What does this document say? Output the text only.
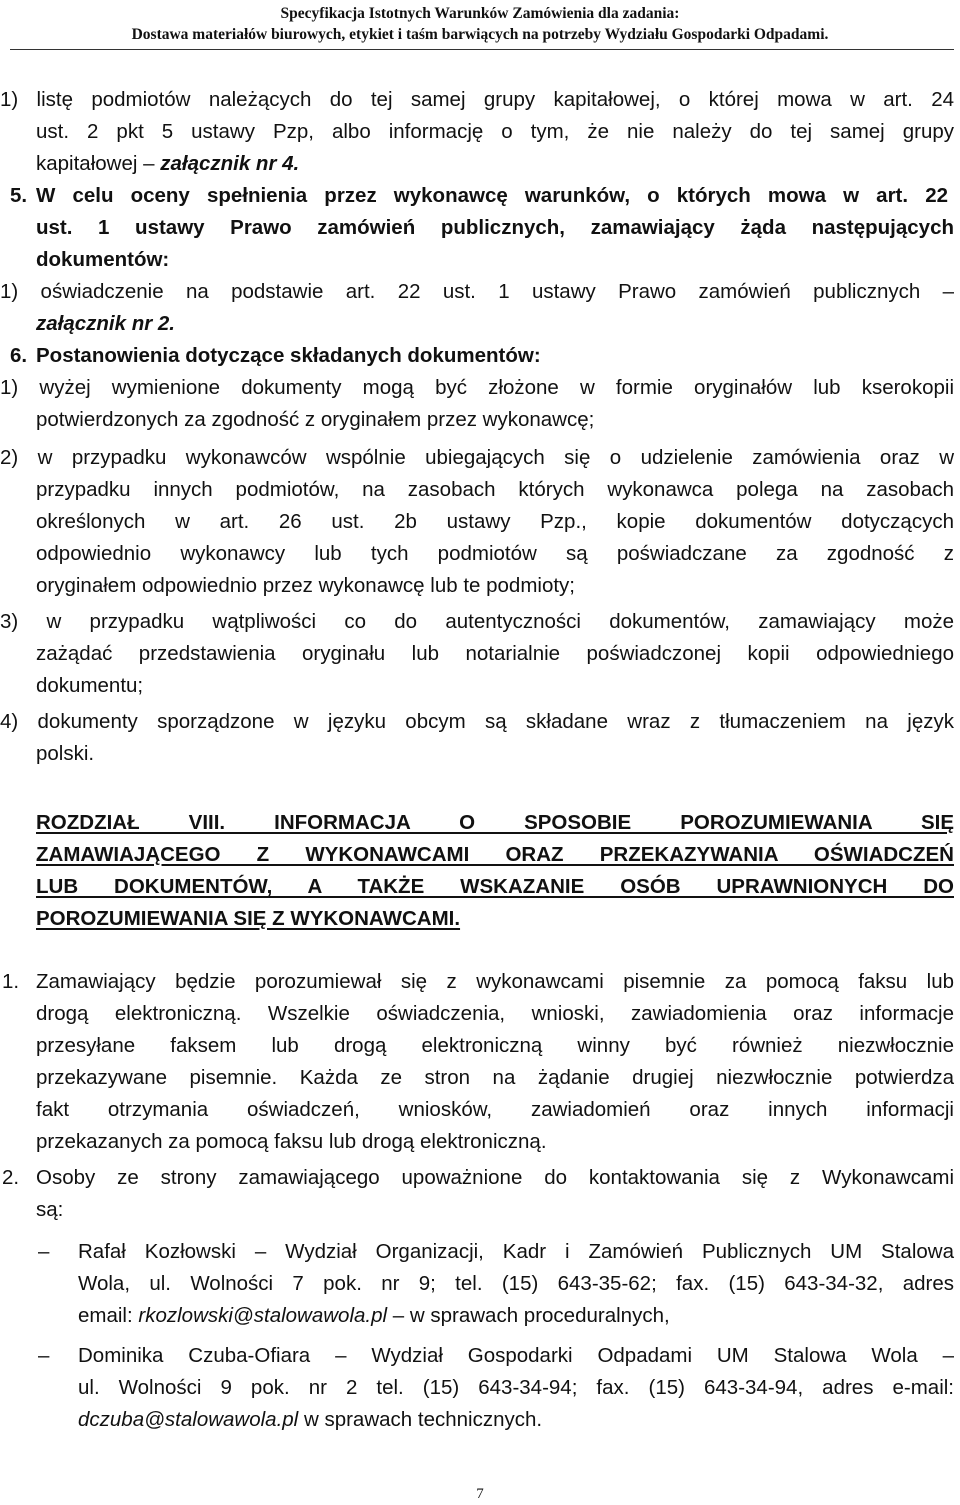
Specyfikacja Istotnych Warunków Zamówienia dla zadania:
Dostawa materiałów biurowych, etykiet i taśm barwiących na potrzeby Wydziału Gospodarki Odpadami.
1) listę podmiotów należących do tej samej grupy kapitałowej, o której mowa w art. 24
ust. 2 pkt 5 ustawy Pzp, albo informację o tym, że nie należy do tej samej grupy
kapitałowej – załącznik nr 4.
5. W celu oceny spełnienia przez wykonawcę warunków, o których mowa w art. 22
ust. 1 ustawy Prawo zamówień publicznych, zamawiający żąda następujących
dokumentów:
1) oświadczenie na podstawie art. 22 ust. 1 ustawy Prawo zamówień publicznych –
załącznik nr 2.
6. Postanowienia dotyczące składanych dokumentów:
1) wyżej wymienione dokumenty mogą być złożone w formie oryginałów lub kserokopii
potwierdzonych za zgodność z oryginałem przez wykonawcę;
2) w przypadku wykonawców wspólnie ubiegających się o udzielenie zamówienia oraz w
przypadku innych podmiotów, na zasobach których wykonawca polega na zasobach
określonych w art. 26 ust. 2b ustawy Pzp., kopie dokumentów dotyczących
odpowiednio wykonawcy lub tych podmiotów są poświadczane za zgodność z
oryginałem odpowiednio przez wykonawcę lub te podmioty;
3) w przypadku wątpliwości co do autentyczności dokumentów, zamawiający może
zażądać przedstawienia oryginału lub notarialnie poświadczonej kopii odpowiedniego
dokumentu;
4) dokumenty sporządzone w języku obcym są składane wraz z tłumaczeniem na język
polski.
ROZDZIAŁ VIII. INFORMACJA O SPOSOBIE POROZUMIEWANIA SIĘ
ZAMAWIAJĄCEGO Z WYKONAWCAMI ORAZ PRZEKAZYWANIA OŚWIADCZEŃ
LUB DOKUMENTÓW, A TAKŻE WSKAZANIE OSÓB UPRAWNIONYCH DO
POROZUMIEWANIA SIĘ Z WYKONAWCAMI.
1. Zamawiający będzie porozumiewał się z wykonawcami pisemnie za pomocą faksu lub
drogą elektroniczną. Wszelkie oświadczenia, wnioski, zawiadomienia oraz informacje
przesyłane faksem lub drogą elektroniczną winny być również niezwłocznie
przekazywane pisemnie. Każda ze stron na żądanie drugiej niezwłocznie potwierdza
fakt otrzymania oświadczeń, wniosków, zawiadomień oraz innych informacji
przekazanych za pomocą faksu lub drogą elektroniczną.
2. Osoby ze strony zamawiającego upoważnione do kontaktowania się z Wykonawcami
są:
– Rafał Kozłowski – Wydział Organizacji, Kadr i Zamówień Publicznych UM Stalowa
Wola, ul. Wolności 7 pok. nr 9; tel. (15) 643-35-62; fax. (15) 643-34-32, adres
email: rkozlowski@stalowawola.pl – w sprawach proceduralnych,
– Dominika Czuba-Ofiara – Wydział Gospodarki Odpadami UM Stalowa Wola –
ul. Wolności 9 pok. nr 2 tel. (15) 643-34-94; fax. (15) 643-34-94, adres e-mail:
dczuba@stalowawola.pl w sprawach technicznych.
7
